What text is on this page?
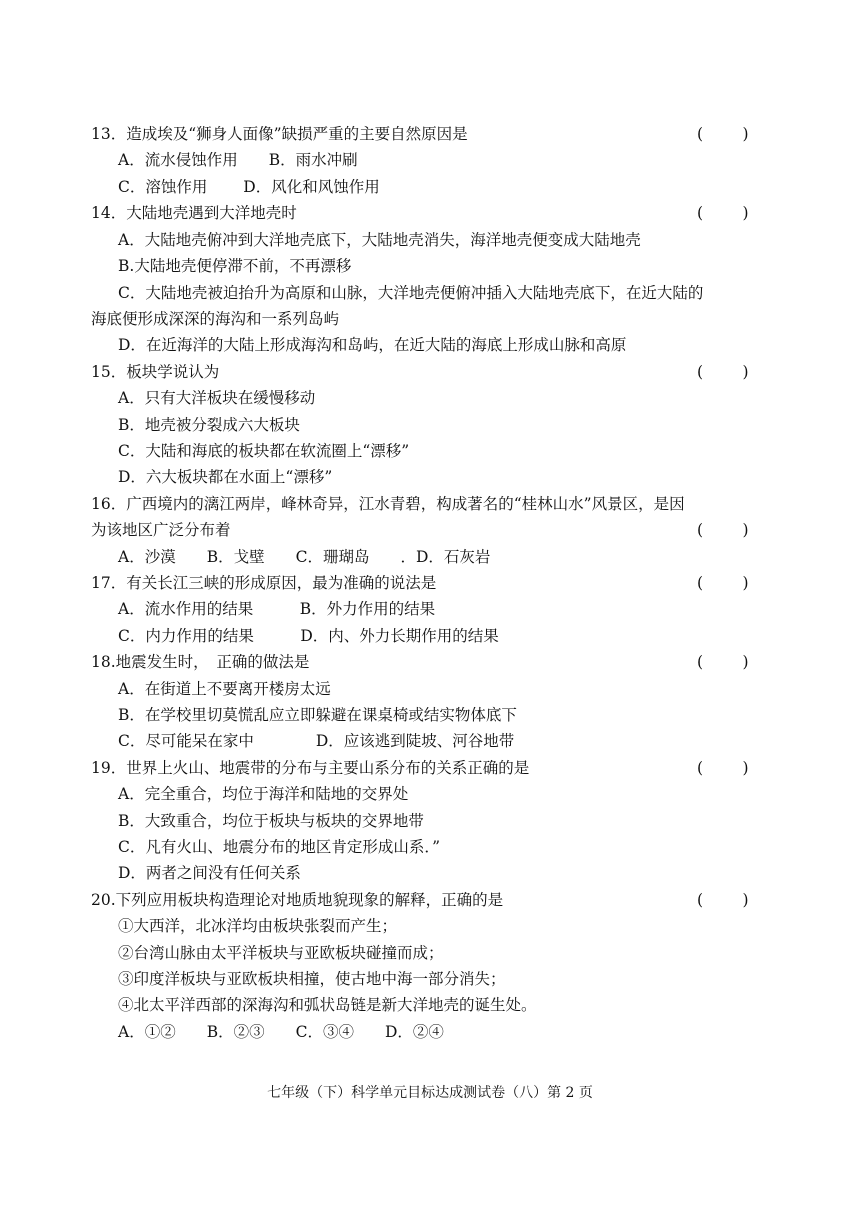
13．造成埃及“狮身人面像”缺损严重的主要自然原因是	(        )
A．流水侵蚀作用　　B．雨水冲刷
C．溶蚀作用　　 D．风化和风蚀作用
14．大陆地壳遇到大洋地壳时	(        )
A．大陆地壳俯冲到大洋地壳底下，大陆地壳消失，海洋地壳便变成大陆地壳
B.大陆地壳便停滞不前，不再漂移
C．大陆地壳被迫抬升为高原和山脉，大洋地壳便俯冲插入大陆地壳底下，在近大陆的
海底便形成深深的海沟和一系列岛屿
D．在近海洋的大陆上形成海沟和岛屿，在近大陆的海底上形成山脉和高原
15．板块学说认为	(        )
A．只有大洋板块在缓慢移动
B．地壳被分裂成六大板块
C．大陆和海底的板块都在软流圈上“漂移”
D．六大板块都在水面上“漂移”
16．广西境内的漓江两岸，峰林奇异，江水青碧，构成著名的“桂林山水”风景区，是因
为该地区广泛分布着	(        )
A．沙漠　　B．戈壁　　C．珊瑚岛　　．D．石灰岩
17．有关长江三峡的形成原因，最为准确的说法是	(        )
A．流水作用的结果　　　B．外力作用的结果
C．内力作用的结果　　　D．内、外力长期作用的结果
18.地震发生时，　正确的做法是	(        )
A．在街道上不要离开楼房太远
B．在学校里切莫慌乱应立即躲避在课桌椅或结实物体底下
C．尽可能呆在家中　　　　D．应该逃到陡坡、河谷地带
19．世界上火山、地震带的分布与主要山系分布的关系正确的是	(        )
A．完全重合，均位于海洋和陆地的交界处
B．大致重合，均位于板块与板块的交界地带
C．凡有火山、地震分布的地区肯定形成山系．”
D．两者之间没有任何关系
20.下列应用板块构造理论对地质地貌现象的解释，正确的是	(        )
①大西洋，北冰洋均由板块张裂而产生；
②台湾山脉由太平洋板块与亚欧板块碰撞而成；
③印度洋板块与亚欧板块相撞，使古地中海一部分消失；
④北太平洋西部的深海沟和弧状岛链是新大洋地壳的诞生处。
A．①②　　B．②③　　C．③④　　D．②④
七年级（下）科学单元目标达成测试卷（八）第 2 页
